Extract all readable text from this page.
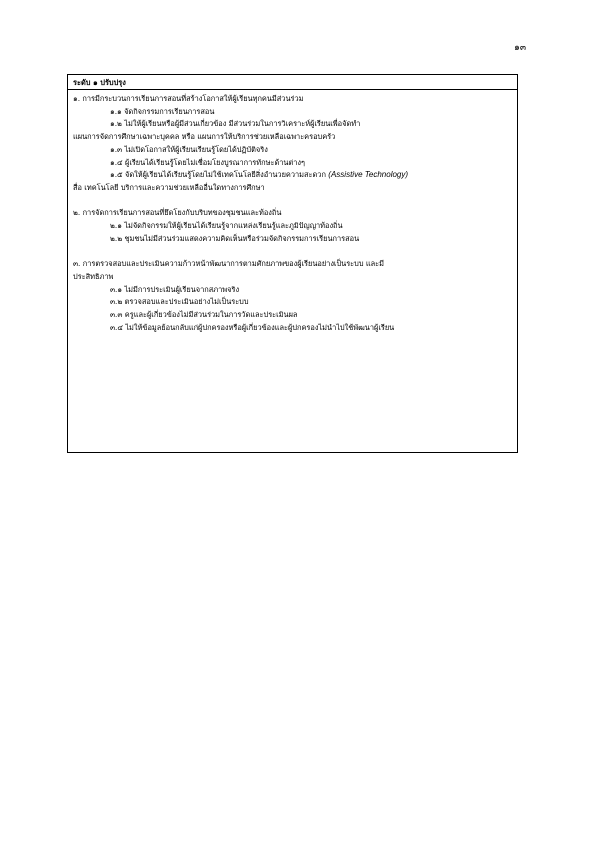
๑๓
ระดับ ๑ ปรับปรุง
๑. การมีกระบวนการเรียนการสอนที่สร้างโอกาสให้ผู้เรียนทุกคนมีส่วนร่วม
๑.๑ จัดกิจกรรมการเรียนการสอน
๑.๒ ไม่ให้ผู้เรียนหรือผู้มีส่วนเกี่ยวข้อง มีส่วนร่วมในการวิเคราะห์ผู้เรียนเพื่อจัดทำ
แผนการจัดการศึกษาเฉพาะบุคคล หรือ แผนการให้บริการช่วยเหลือเฉพาะครอบครัว
๑.๓ ไม่เปิดโอกาสให้ผู้เรียนเรียนรู้โดยได้ปฏิบัติจริง
๑.๔ ผู้เรียนได้เรียนรู้โดยไม่เชื่อมโยงบูรณาการทักษะด้านต่างๆ
๑.๕ จัดให้ผู้เรียนได้เรียนรู้โดยไม่ใช้เทคโนโลยีสิ่งอำนวยความสะดวก (Assistive Technology)
สื่อ เทคโนโลยี บริการและความช่วยเหลืออื่นใดทางการศึกษา
๒. การจัดการเรียนการสอนที่ยึดโยงกับบริบทของชุมชนและท้องถิ่น
๒.๑ ไม่จัดกิจกรรมให้ผู้เรียนได้เรียนรู้จากแหล่งเรียนรู้และภูมิปัญญาท้องถิ่น
๒.๒ ชุมชนไม่มีส่วนร่วมแสดงความคิดเห็นหรือร่วมจัดกิจกรรมการเรียนการสอน
๓. การตรวจสอบและประเมินความก้าวหน้าพัฒนาการตามศักยภาพของผู้เรียนอย่างเป็นระบบ และมี
ประสิทธิภาพ
๓.๑ ไม่มีการประเมินผู้เรียนจากสภาพจริง
๓.๒ ตรวจสอบและประเมินอย่างไม่เป็นระบบ
๓.๓ ครูและผู้เกี่ยวข้องไม่มีส่วนร่วมในการวัดและประเมินผล
๓.๔ ไม่ให้ข้อมูลย้อนกลับแก่ผู้ปกครองหรือผู้เกี่ยวข้องและผู้ปกครองไม่นำไปใช้พัฒนาผู้เรียน
